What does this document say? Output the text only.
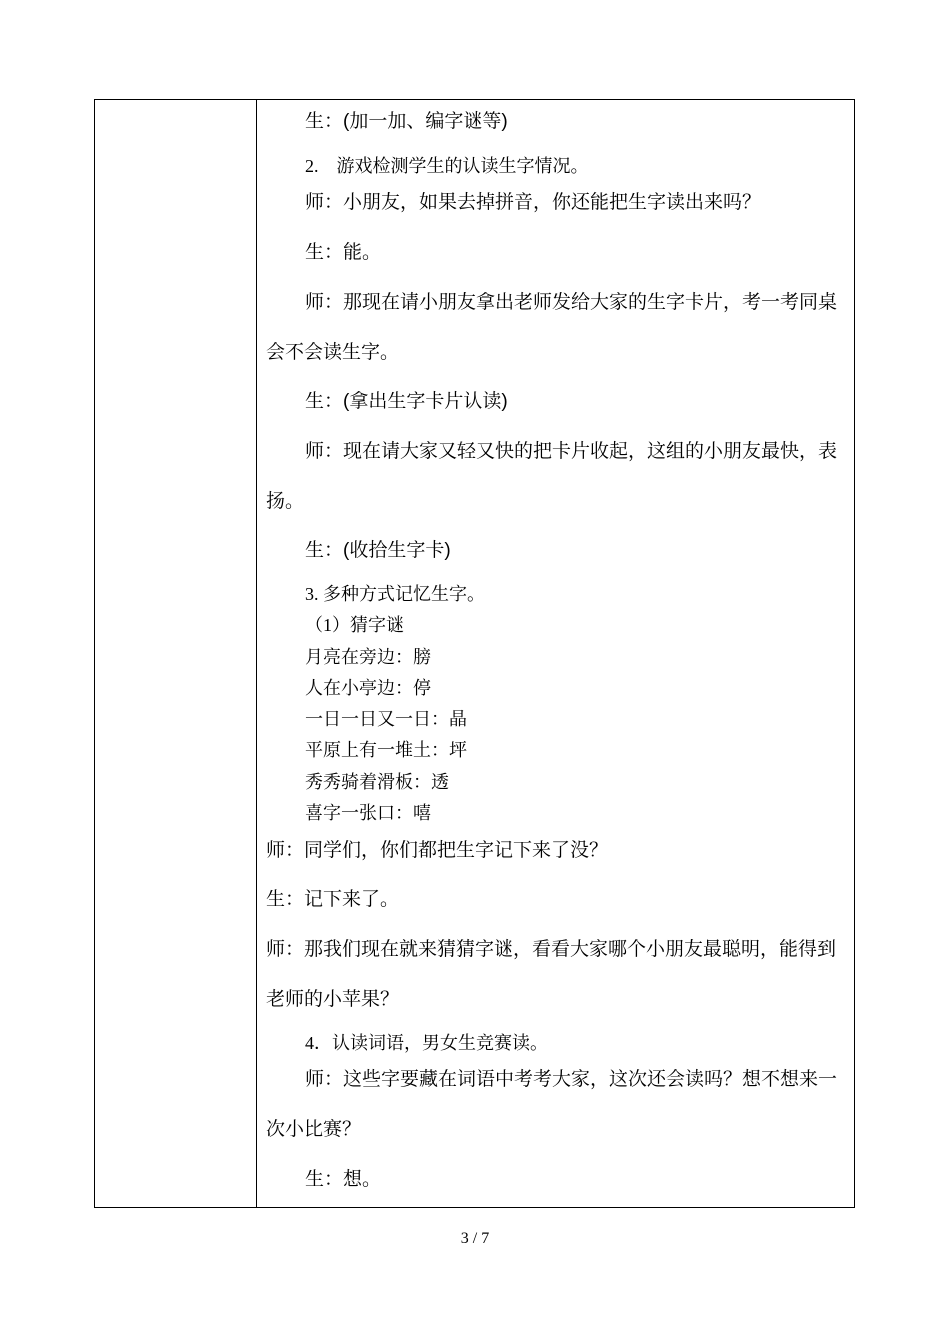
生：(加一加、编字谜等)
2.　游戏检测学生的认读生字情况。
师：小朋友，如果去掉拼音，你还能把生字读出来吗？
生：能。
师：那现在请小朋友拿出老师发给大家的生字卡片，考一考同桌
会不会读生字。
生：(拿出生字卡片认读)
师：现在请大家又轻又快的把卡片收起，这组的小朋友最快，表
扬。
生：(收拾生字卡)
3. 多种方式记忆生字。
（1）猜字谜
月亮在旁边：膀
人在小亭边：停
一日一日又一日：晶
平原上有一堆土：坪
秀秀骑着滑板：透
喜字一张口：嘻
师：同学们，你们都把生字记下来了没？
生：记下来了。
师：那我们现在就来猜猜字谜，看看大家哪个小朋友最聪明，能得到
老师的小苹果？
4．认读词语，男女生竞赛读。
师：这些字要藏在词语中考考大家，这次还会读吗？想不想来一
次小比赛？
生：想。
3 / 7
